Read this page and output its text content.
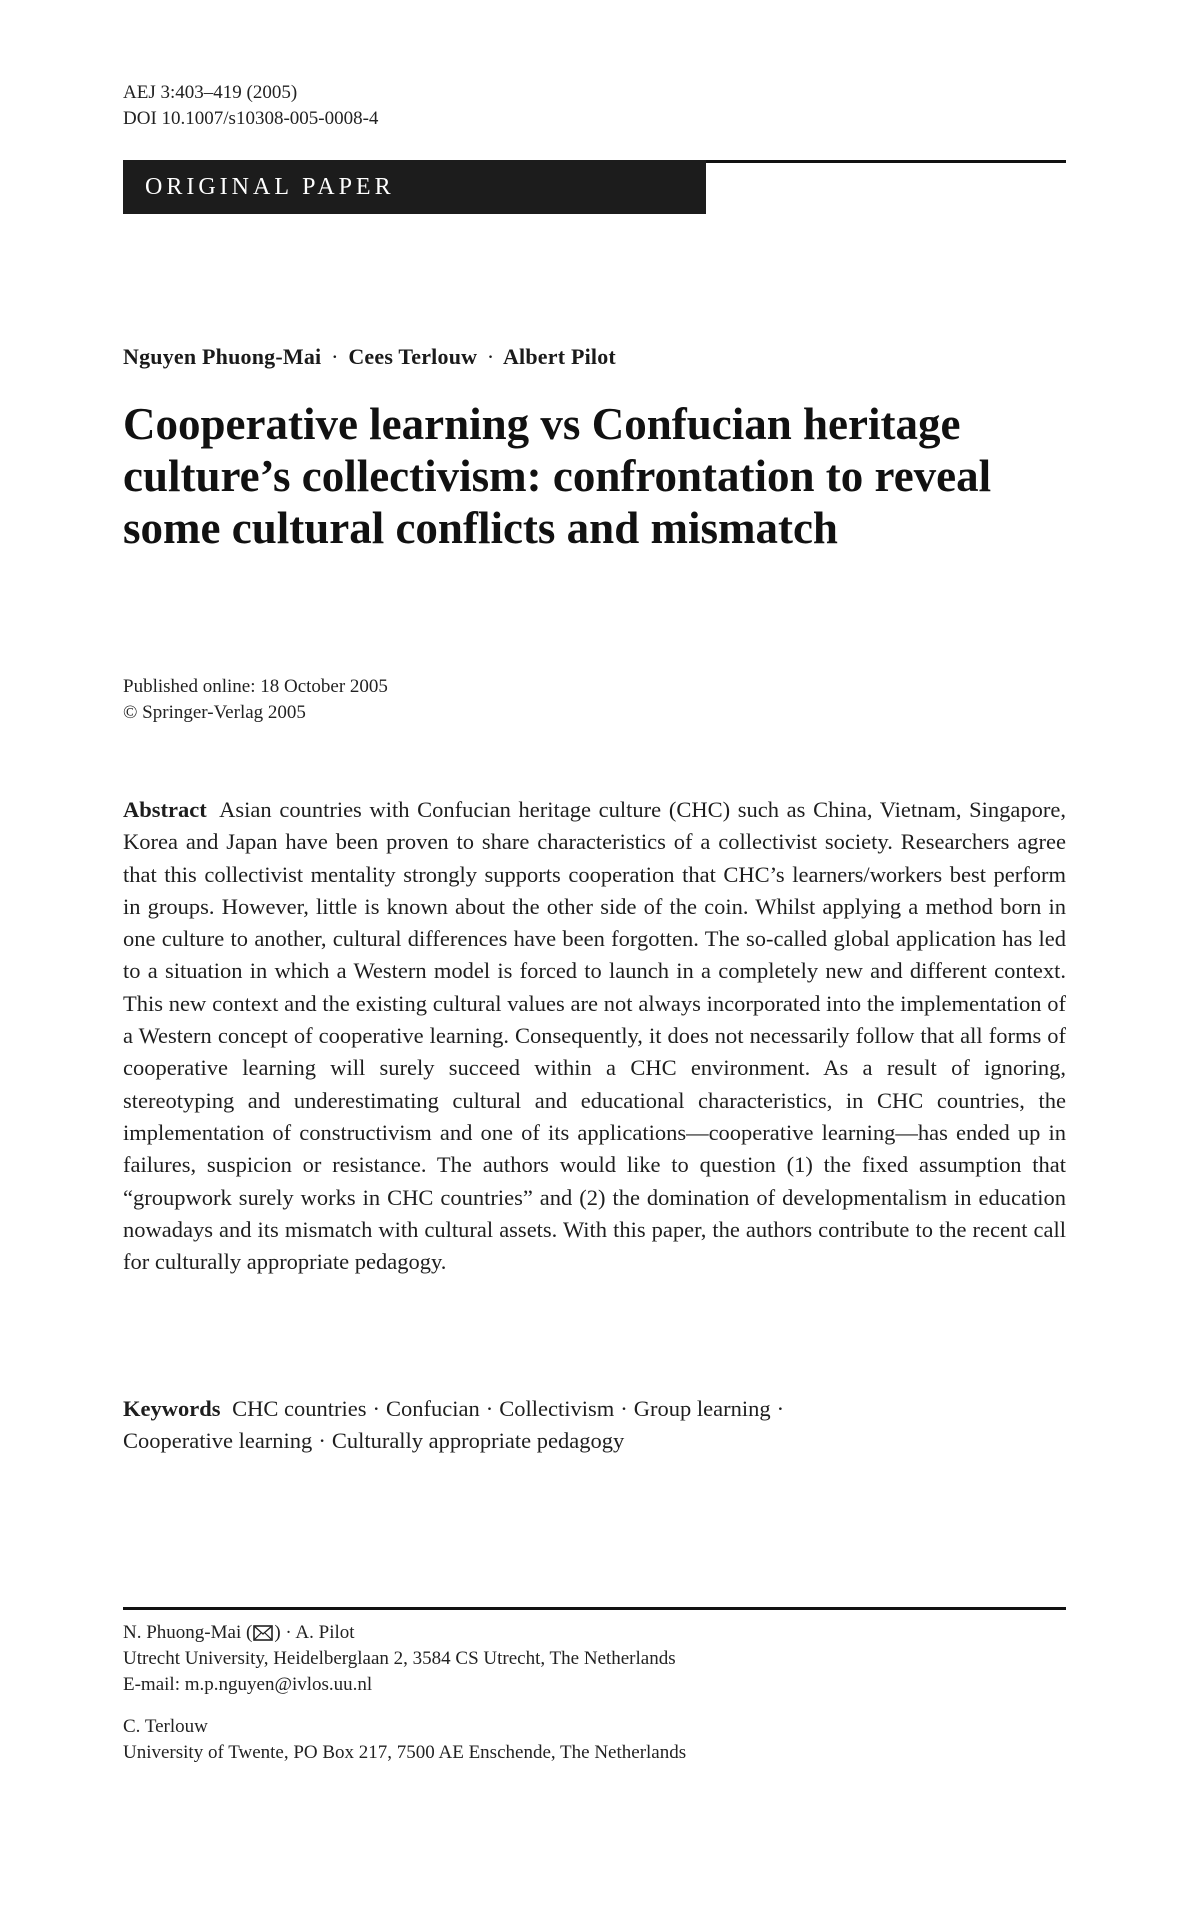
AEJ 3:403–419 (2005)
DOI 10.1007/s10308-005-0008-4
ORIGINAL PAPER
Nguyen Phuong-Mai · Cees Terlouw · Albert Pilot
Cooperative learning vs Confucian heritage culture’s collectivism: confrontation to reveal some cultural conflicts and mismatch
Published online: 18 October 2005
© Springer-Verlag 2005

Abstract Asian countries with Confucian heritage culture (CHC) such as China, Vietnam, Singapore, Korea and Japan have been proven to share characteristics of a collectivist society. Researchers agree that this collectivist mentality strongly supports cooperation that CHC’s learners/workers best perform in groups. However, little is known about the other side of the coin. Whilst applying a method born in one culture to another, cultural differences have been forgotten. The so-called global application has led to a situation in which a Western model is forced to launch in a completely new and different context. This new context and the existing cultural values are not always incorporated into the implementation of a Western concept of cooperative learning. Consequently, it does not necessarily follow that all forms of cooperative learning will surely succeed within a CHC environment. As a result of ignoring, stereotyping and underestimating cultural and educational characteristics, in CHC countries, the implementation of constructivism and one of its applications—cooperative learning—has ended up in failures, suspicion or resistance. The authors would like to question (1) the fixed assumption that “groupwork surely works in CHC countries” and (2) the domination of developmentalism in education nowadays and its mismatch with cultural assets. With this paper, the authors contribute to the recent call for culturally appropriate pedagogy.

Keywords CHC countries · Confucian · Collectivism · Group learning ·
Cooperative learning · Culturally appropriate pedagogy

N. Phuong-Mai ( ) · A. Pilot
Utrecht University, Heidelberglaan 2, 3584 CS Utrecht, The Netherlands
E-mail: m.p.nguyen@ivlos.uu.nl
C. Terlouw
University of Twente, PO Box 217, 7500 AE Enschende, The Netherlands
